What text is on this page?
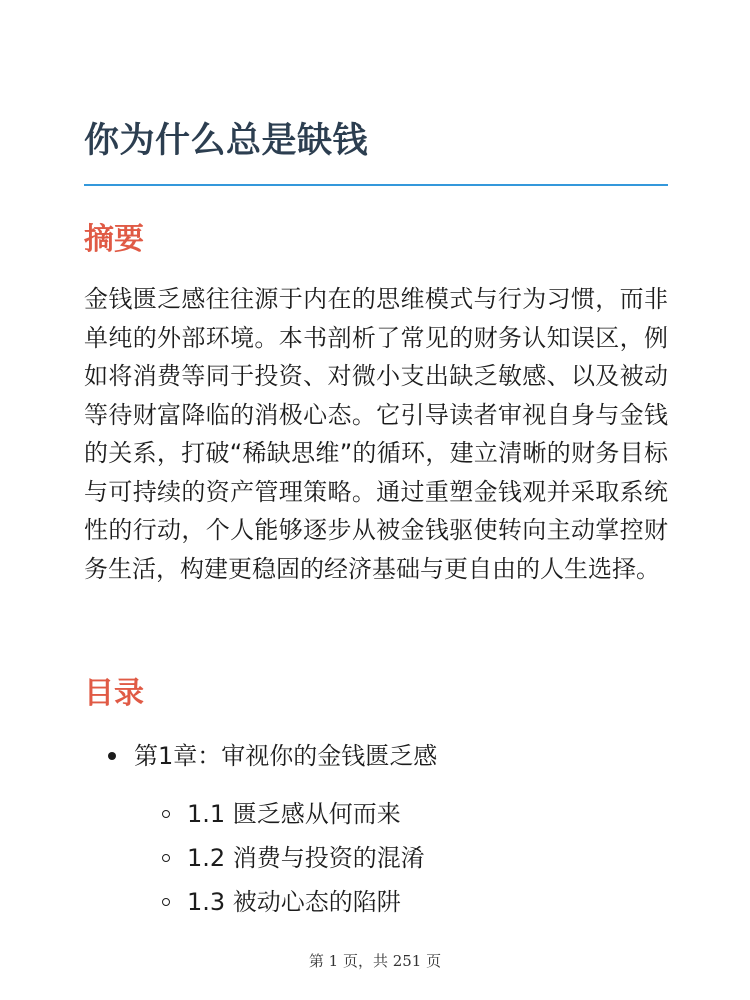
你为什么总是缺钱
摘要

金钱匮乏感往往源于内在的思维模式与行为习惯，而非单纯的外部环境。本书剖析了常见的财务认知误区，例如将消费等同于投资、对微小支出缺乏敏感、以及被动等待财富降临的消极心态。它引导读者审视自身与金钱的关系，打破“稀缺思维”的循环，建立清晰的财务目标与可持续的资产管理策略。通过重塑金钱观并采取系统性的行动，个人能够逐步从被金钱驱使转向主动掌控财务生活，构建更稳固的经济基础与更自由的人生选择。

目录
第1章：审视你的金钱匮乏感
1.1 匮乏感从何而来
1.2 消费与投资的混淆
1.3 被动心态的陷阱
第 1 页，共 251 页
